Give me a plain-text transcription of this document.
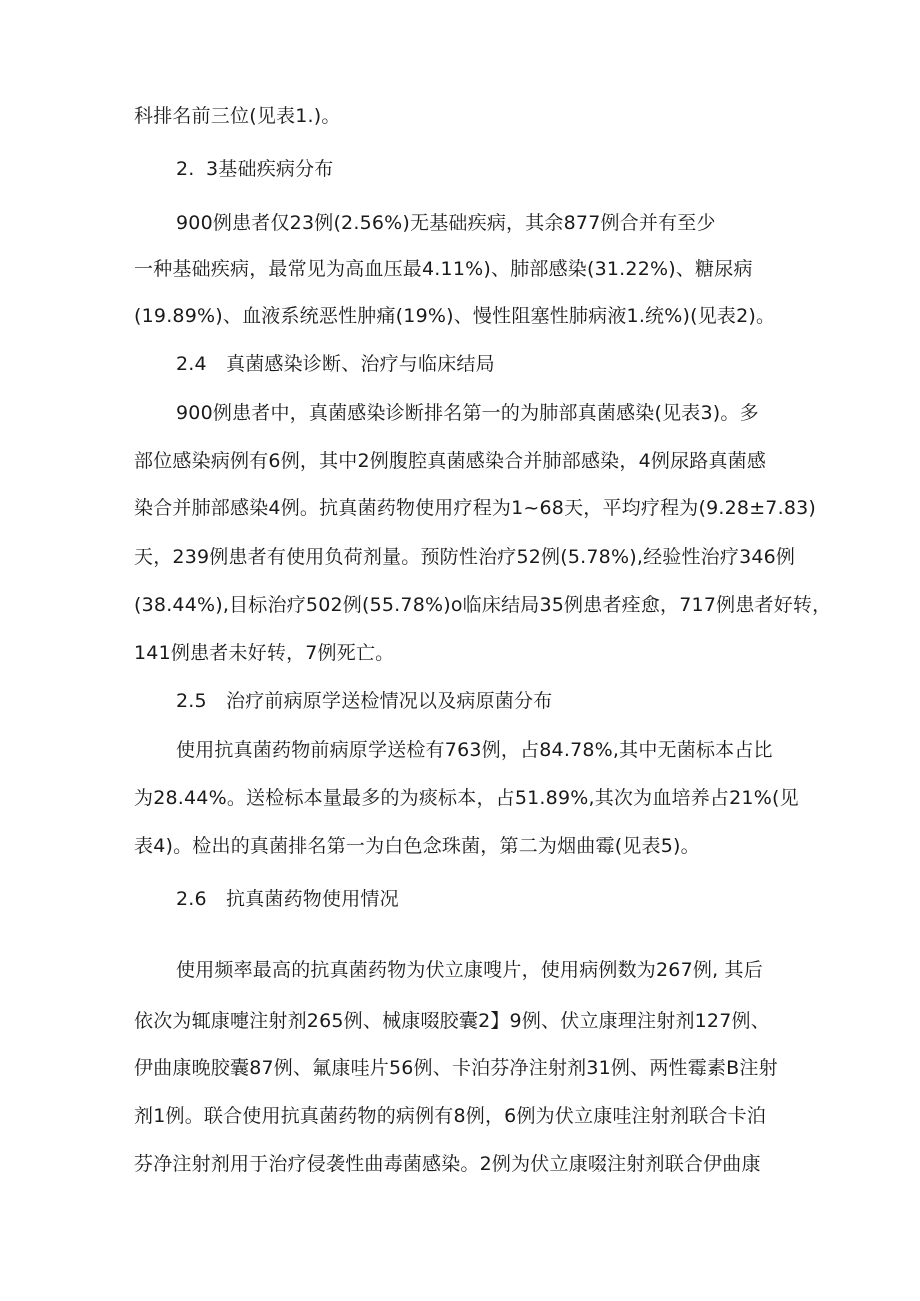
科排名前三位(见表1.)。
2. 3基础疾病分布
900例患者仅23例(2.56%)无基础疾病，其余877例合并有至少
一种基础疾病，最常见为高血压最4.11%)、肺部感染(31.22%)、糖尿病
(19.89%)、血液系统恶性肿痛(19%)、慢性阻塞性肺病液1.统%)(见表2)。
2.4 真菌感染诊断、治疗与临床结局
900例患者中，真菌感染诊断排名第一的为肺部真菌感染(见表3)。多
部位感染病例有6例，其中2例腹腔真菌感染合并肺部感染，4例尿路真菌感
染合并肺部感染4例。抗真菌药物使用疗程为1~68天，平均疗程为(9.28±7.83)
天，239例患者有使用负荷剂量。预防性治疗52例(5.78%),经验性治疗346例
(38.44%),目标治疗502例(55.78%)o临床结局35例患者痊愈，717例患者好转，
141例患者未好转，7例死亡。
2.5 治疗前病原学送检情况以及病原菌分布
使用抗真菌药物前病原学送检有763例，占84.78%,其中无菌标本占比
为28.44%。送检标本量最多的为痰标本，占51.89%,其次为血培养占21%(见
表4)。检出的真菌排名第一为白色念珠菌，第二为烟曲霉(见表5)。
2.6 抗真菌药物使用情况
使用频率最高的抗真菌药物为伏立康嗖片，使用病例数为267例, 其后
依次为辄康嚏注射剂265例、械康啜胶囊2】9例、伏立康理注射剂127例、
伊曲康晚胶囊87例、氟康哇片56例、卡泊芬净注射剂31例、两性霉素B注射
剂1例。联合使用抗真菌药物的病例有8例，6例为伏立康哇注射剂联合卡泊
芬净注射剂用于治疗侵袭性曲毒菌感染。2例为伏立康啜注射剂联合伊曲康
